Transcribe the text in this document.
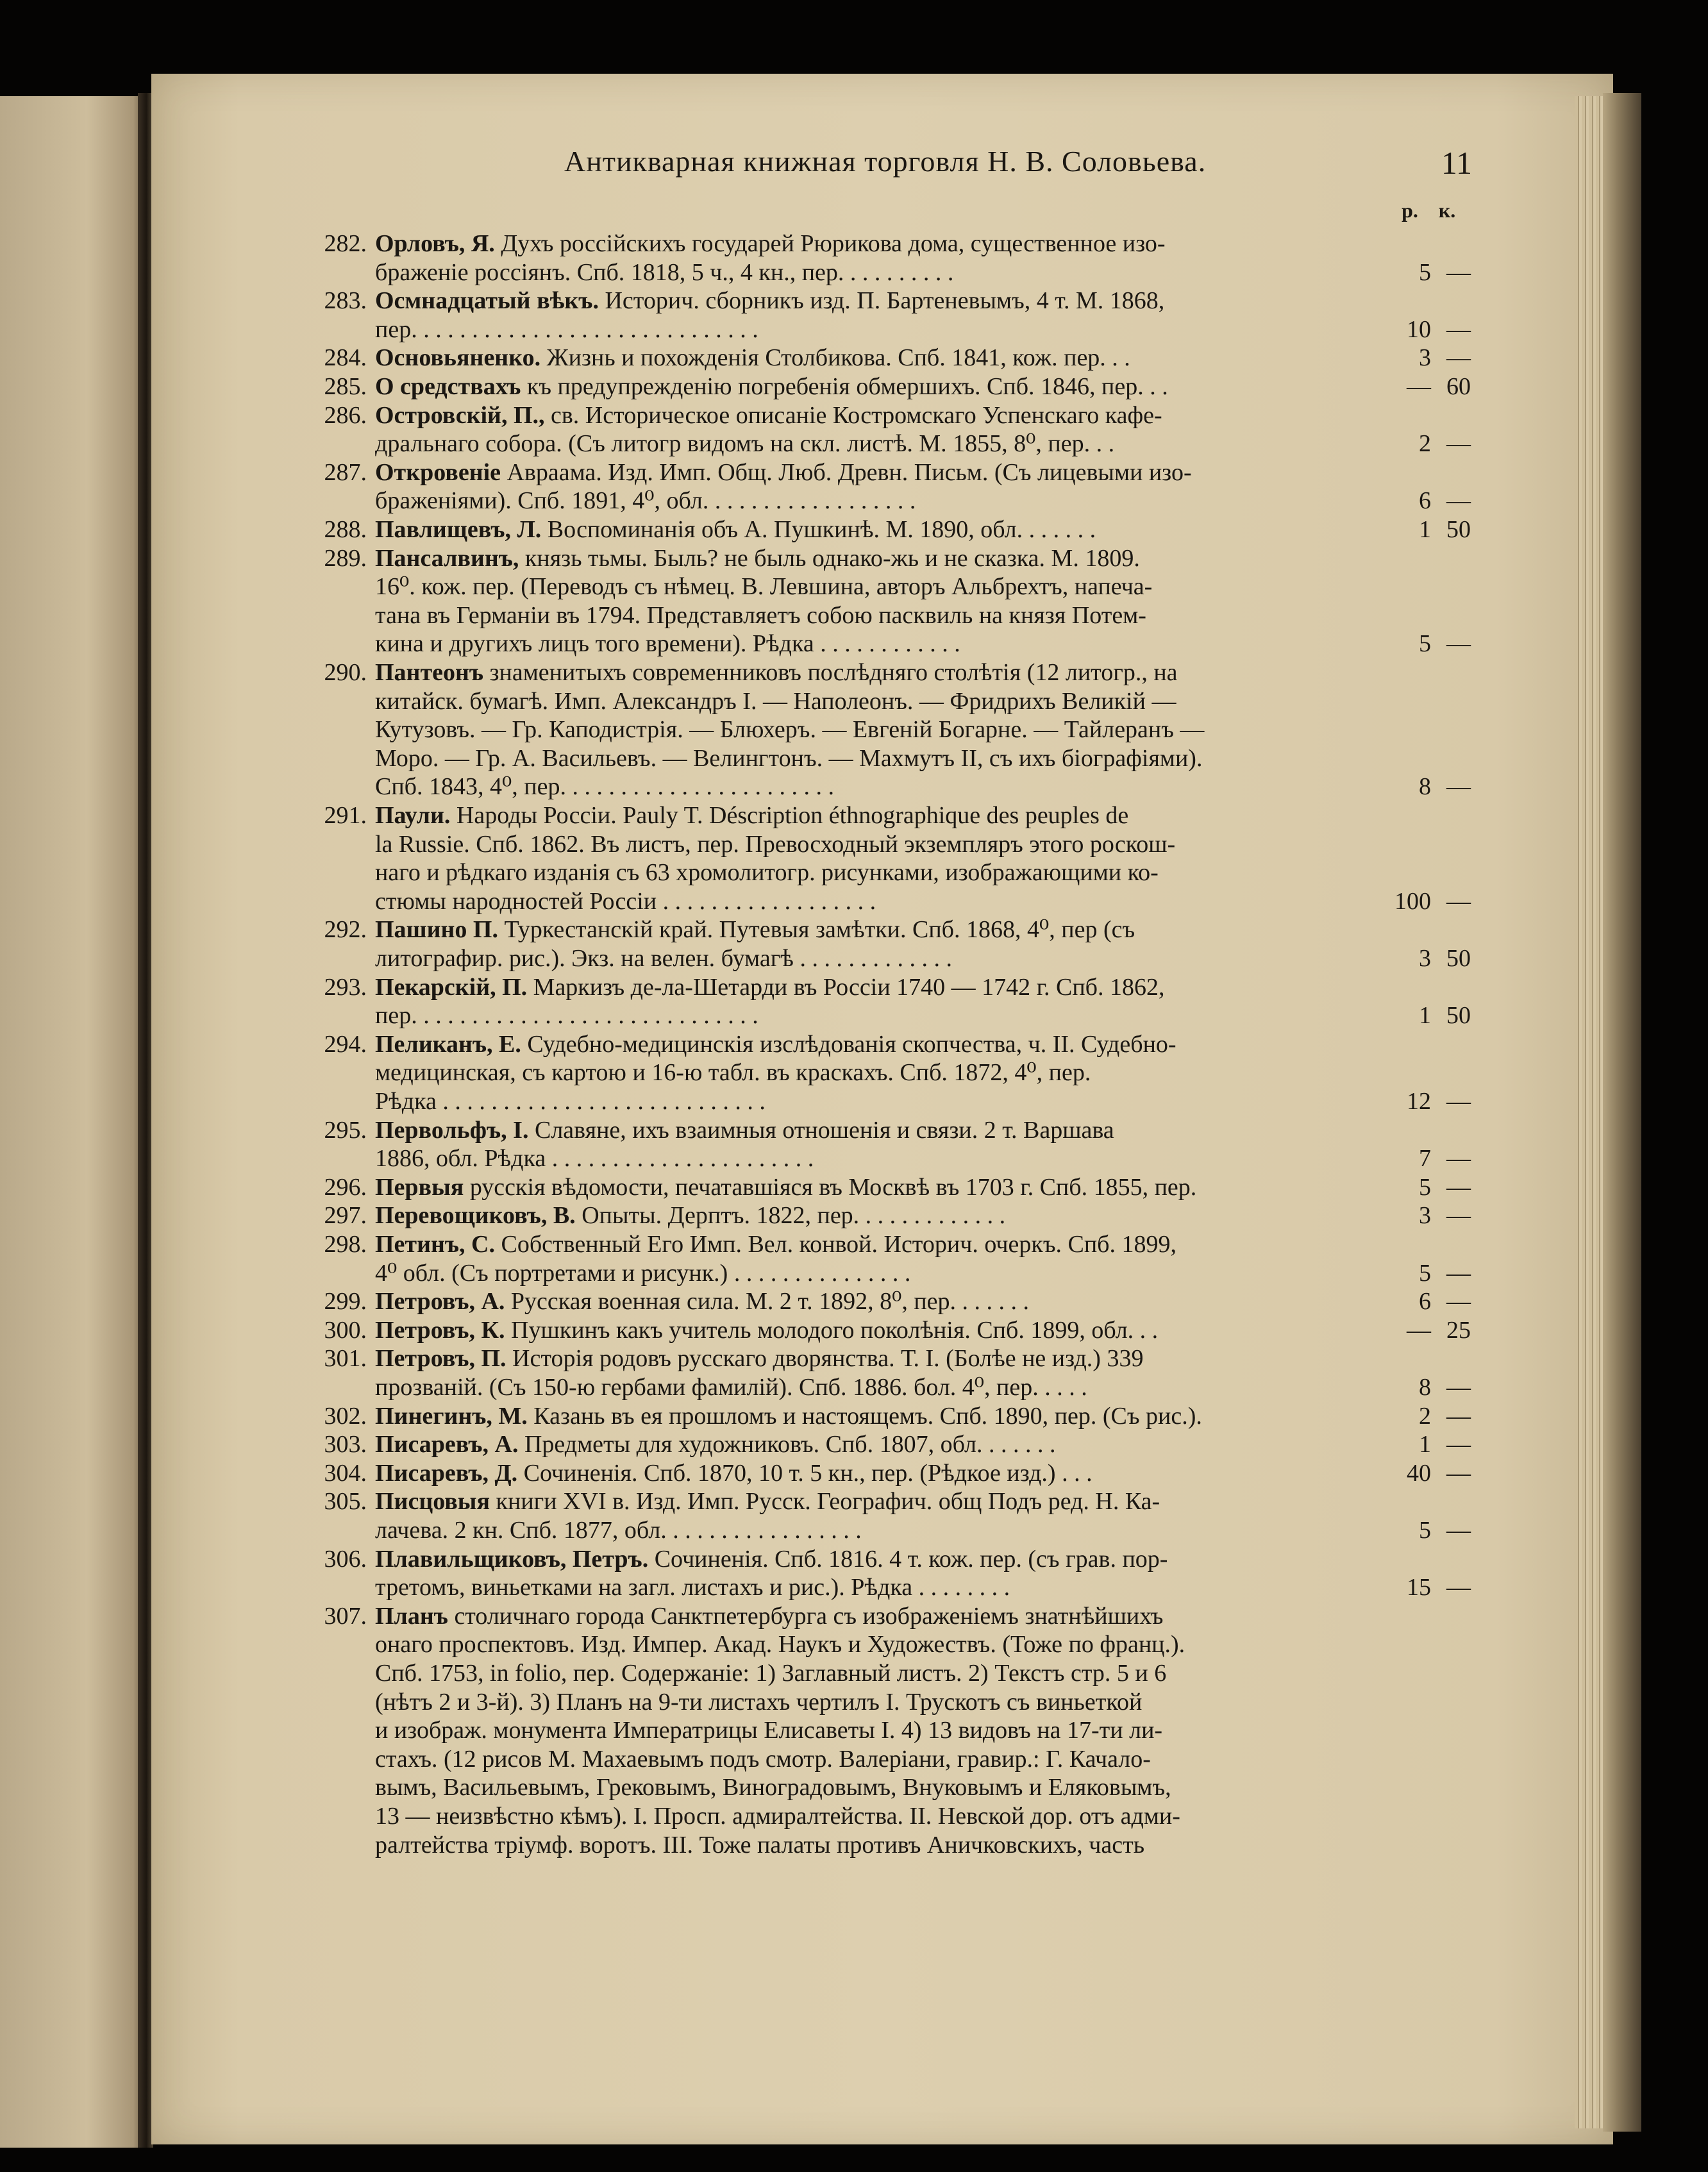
Антикварная книжная торговля Н. В. Соловьева.	11
р. к.
282. Орловъ, Я. Духъ россійскихъ государей Рюрикова дома, существенное изо-
браженіе россіянъ. Спб. 1818, 5 ч., 4 кн., пер. . . . . . . . . .	5 —
283. Осмнадцатый вѣкъ. Историч. сборникъ изд. П. Бартеневымъ, 4 т. М. 1868,
пер. . . . . . . . . . . . . . . . . . . . . . . . . . . . .	10 —
284. Основьяненко. Жизнь и похожденія Столбикова. Спб. 1841, кож. пер. . .	3 —
285. О средствахъ къ предупрежденію погребенія обмершихъ. Спб. 1846, пер. . .	— 60
286. Островскій, П., св. Историческое описаніе Костромскаго Успенскаго кафе-
дральнаго собора. (Съ литогр видомъ на скл. листѣ. М. 1855, 8⁰, пер. . .	2 —
287. Откровеніе Авраама. Изд. Имп. Общ. Люб. Древн. Письм. (Съ лицевыми изо-
браженіями). Спб. 1891, 4⁰, обл. . . . . . . . . . . . . . . . . .	6 —
288. Павлищевъ, Л. Воспоминанія объ А. Пушкинѣ. М. 1890, обл. . . . . . .	1 50
289. Пансалвинъ, князь тьмы. Быль? не быль однако-жь и не сказка. М. 1809.
16⁰. кож. пер. (Переводъ съ нѣмец. В. Левшина, авторъ Альбрехтъ, напеча-
тана въ Германіи въ 1794. Представляетъ собою пасквиль на князя Потем-
кина и другихъ лицъ того времени). Рѣдка . . . . . . . . . . . .	5 —
290. Пантеонъ знаменитыхъ современниковъ послѣдняго столѣтія (12 литогр., на
китайск. бумагѣ. Имп. Александръ I. — Наполеонъ. — Фридрихъ Великій —
Кутузовъ. — Гр. Каподистрія. — Блюхеръ. — Евгеній Богарне. — Тайлеранъ —
Моро. — Гр. А. Васильевъ. — Велингтонъ. — Махмутъ II, съ ихъ біографіями).
Спб. 1843, 4⁰, пер. . . . . . . . . . . . . . . . . . . . . . .	8 —
291. Паули. Народы Россіи. Pauly T. Déscription éthnographique des peuples de
la Russie. Спб. 1862. Въ листъ, пер. Превосходный экземпляръ этого роскош-
наго и рѣдкаго изданія съ 63 хромолитогр. рисунками, изображающими ко-
стюмы народностей Россіи . . . . . . . . . . . . . . . . . .	100 —
292. Пашино П. Туркестанскій край. Путевыя замѣтки. Спб. 1868, 4⁰, пер (съ
литографир. рис.). Экз. на велен. бумагѣ . . . . . . . . . . . . .	3 50
293. Пекарскій, П. Маркизъ де-ла-Шетарди въ Россіи 1740 — 1742 г. Спб. 1862,
пер. . . . . . . . . . . . . . . . . . . . . . . . . . . . .	1 50
294. Пеликанъ, Е. Судебно-медицинскія изслѣдованія скопчества, ч. II. Судебно-
медицинская, съ картою и 16-ю табл. въ краскахъ. Спб. 1872, 4⁰, пер.
Рѣдка . . . . . . . . . . . . . . . . . . . . . . . . . . .	12 —
295. Первольфъ, I. Славяне, ихъ взаимныя отношенія и связи. 2 т. Варшава
1886, обл. Рѣдка . . . . . . . . . . . . . . . . . . . . . .	7 —
296. Первыя русскія вѣдомости, печатавшіяся въ Москвѣ въ 1703 г. Спб. 1855, пер.	5 —
297. Перевощиковъ, В. Опыты. Дерптъ. 1822, пер. . . . . . . . . . . . .	3 —
298. Петинъ, С. Собственный Его Имп. Вел. конвой. Историч. очеркъ. Спб. 1899,
4⁰ обл. (Съ портретами и рисунк.) . . . . . . . . . . . . . . .	5 —
299. Петровъ, А. Русская военная сила. М. 2 т. 1892, 8⁰, пер. . . . . . .	6 —
300. Петровъ, К. Пушкинъ какъ учитель молодого поколѣнія. Спб. 1899, обл. . .	— 25
301. Петровъ, П. Исторія родовъ русскаго дворянства. Т. I. (Болѣе не изд.) 339
прозваній. (Съ 150-ю гербами фамилій). Спб. 1886. бол. 4⁰, пер. . . . .	8 —
302. Пинегинъ, М. Казань въ ея прошломъ и настоящемъ. Спб. 1890, пер. (Съ рис.).	2 —
303. Писаревъ, А. Предметы для художниковъ. Спб. 1807, обл. . . . . . .	1 —
304. Писаревъ, Д. Сочиненія. Спб. 1870, 10 т. 5 кн., пер. (Рѣдкое изд.) . . .	40 —
305. Писцовыя книги XVI в. Изд. Имп. Русск. Географич. общ Подъ ред. Н. Ка-
лачева. 2 кн. Спб. 1877, обл. . . . . . . . . . . . . . . . .	5 —
306. Плавильщиковъ, Петръ. Сочиненія. Спб. 1816. 4 т. кож. пер. (съ грав. пор-
третомъ, виньетками на загл. листахъ и рис.). Рѣдка . . . . . . . .	15 —
307. Планъ столичнаго города Санктпетербурга съ изображеніемъ знатнѣйшихъ
онаго проспектовъ. Изд. Импер. Акад. Наукъ и Художествъ. (Тоже по франц.).
Спб. 1753, in folio, пер. Содержаніе: 1) Заглавный листъ. 2) Текстъ стр. 5 и 6
(нѣтъ 2 и 3-й). 3) Планъ на 9-ти листахъ чертилъ I. Трускотъ съ виньеткой
и изображ. монумента Императрицы Елисаветы I. 4) 13 видовъ на 17-ти ли-
стахъ. (12 рисов М. Махаевымъ подъ смотр. Валеріани, гравир.: Г. Качало-
вымъ, Васильевымъ, Грековымъ, Виноградовымъ, Внуковымъ и Еляковымъ,
13 — неизвѣстно кѣмъ). I. Просп. адмиралтейства. II. Невской дор. отъ адми-
ралтейства тріумф. воротъ. III. Тоже палаты противъ Аничковскихъ, часть
